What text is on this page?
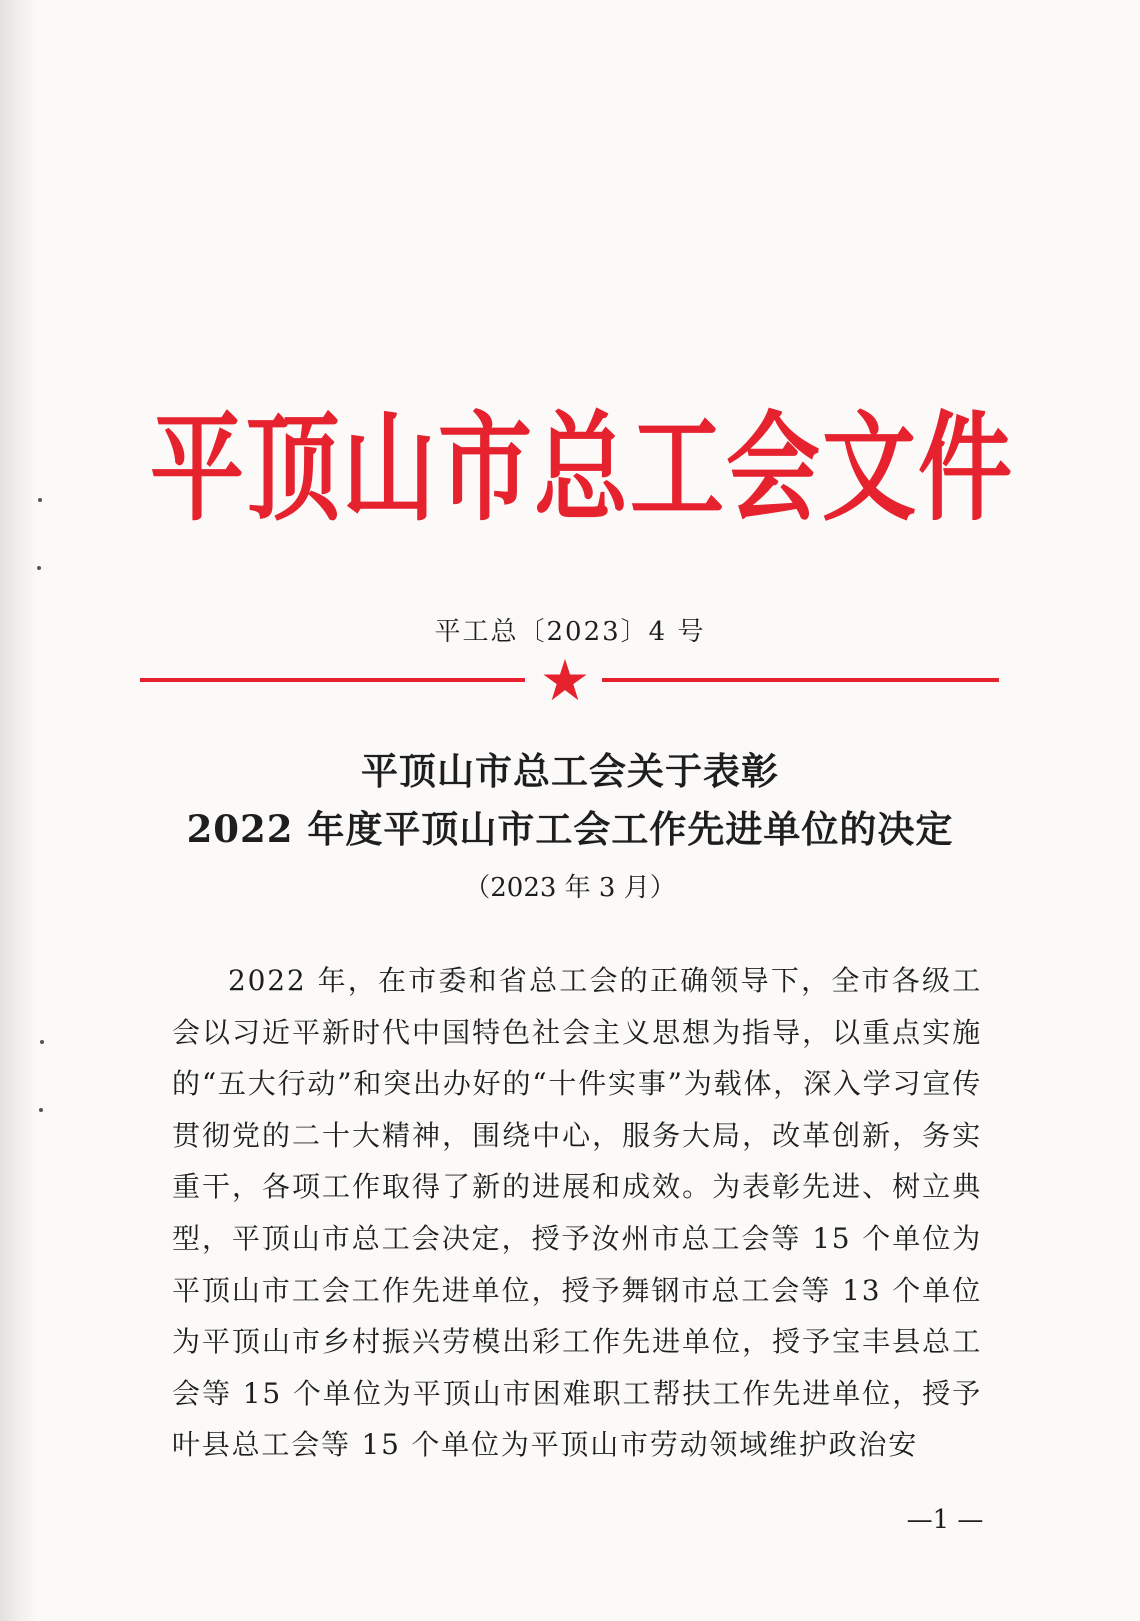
平顶山市总工会文件
平工总〔2023〕4 号
平顶山市总工会关于表彰
2022 年度平顶山市工会工作先进单位的决定
（2023 年 3 月）

2022 年，在市委和省总工会的正确领导下，全市各级工会以习近平新时代中国特色社会主义思想为指导，以重点实施的“五大行动”和突出办好的“十件实事”为载体，深入学习宣传贯彻党的二十大精神，围绕中心，服务大局，改革创新，务实重干，各项工作取得了新的进展和成效。为表彰先进、树立典型，平顶山市总工会决定，授予汝州市总工会等 15 个单位为平顶山市工会工作先进单位，授予舞钢市总工会等 13 个单位为平顶山市乡村振兴劳模出彩工作先进单位，授予宝丰县总工会等 15 个单位为平顶山市困难职工帮扶工作先进单位，授予叶县总工会等 15 个单位为平顶山市劳动领域维护政治安

—1 —
